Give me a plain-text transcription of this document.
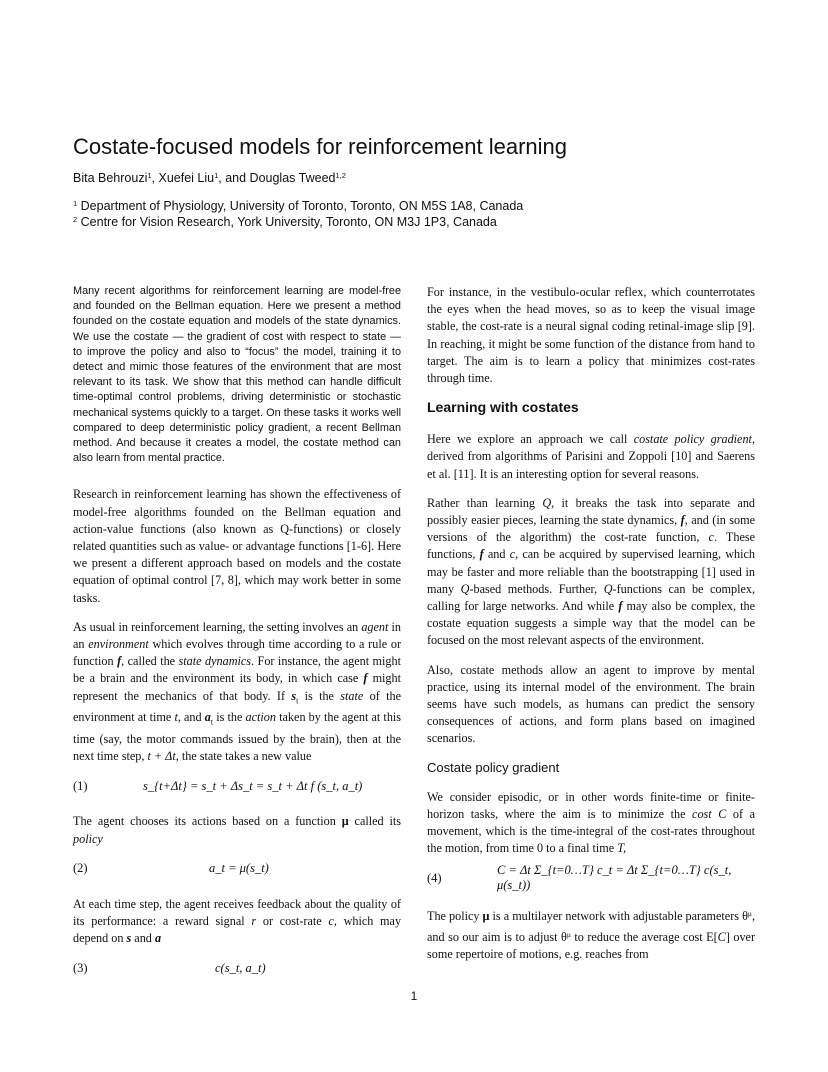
Costate-focused models for reinforcement learning
Bita Behrouzi$^1$, Xuefei Liu$^1$, and Douglas Tweed$^{1,2}$
$^1$ Department of Physiology, University of Toronto, Toronto, ON M5S 1A8, Canada
$^2$ Centre for Vision Research, York University, Toronto, ON M3J 1P3, Canada

Many recent algorithms for reinforcement learning are model-free and founded on the Bellman equation. Here we present a method founded on the costate equation and models of the state dynamics. We use the costate — the gradient of cost with respect to state — to improve the policy and also to “focus” the model, training it to detect and mimic those features of the environment that are most relevant to its task. We show that this method can handle difficult time-optimal control problems, driving deterministic or stochastic mechanical systems quickly to a target. On these tasks it works well compared to deep deterministic policy gradient, a recent Bellman method. And because it creates a model, the costate method can also learn from mental practice.

Research in reinforcement learning has shown the effectiveness of model-free algorithms founded on the Bellman equation and action-value functions (also known as Q-functions) or closely related quantities such as value- or advantage functions [1-6]. Here we present a different approach based on models and the costate equation of optimal control [7, 8], which may work better in some tasks.

As usual in reinforcement learning, the setting involves an agent in an environment which evolves through time according to a rule or function f, called the state dynamics. For instance, the agent might be a brain and the environment its body, in which case f might represent the mechanics of that body. If $s_t$ is the state of the environment at time t, and $a_t$ is the action taken by the agent at this time (say, the motor commands issued by the brain), then at the next time step, t + Δt, the state takes a new value

(1)	s_{t+Δt} = s_t + Δs_t = s_t + Δt f (s_t, a_t)

The agent chooses its actions based on a function μ called its policy

(2)	a_t = μ(s_t)

At each time step, the agent receives feedback about the quality of its performance: a reward signal r or cost-rate c, which may depend on s and a

(3)	c(s_t, a_t)

For instance, in the vestibulo-ocular reflex, which counterrotates the eyes when the head moves, so as to keep the visual image stable, the cost-rate is a neural signal coding retinal-image slip [9]. In reaching, it might be some function of the distance from hand to target. The aim is to learn a policy that minimizes cost-rates through time.

Learning with costates

Here we explore an approach we call costate policy gradient, derived from algorithms of Parisini and Zoppoli [10] and Saerens et al. [11]. It is an interesting option for several reasons.

Rather than learning Q, it breaks the task into separate and possibly easier pieces, learning the state dynamics, f, and (in some versions of the algorithm) the cost-rate function, c. These functions, f and c, can be acquired by supervised learning, which may be faster and more reliable than the bootstrapping [1] used in many Q-based methods. Further, Q-functions can be complex, calling for large networks. And while f may also be complex, the costate equation suggests a simple way that the model can be focused on the most relevant aspects of the environment.

Also, costate methods allow an agent to improve by mental practice, using its internal model of the environment. The brain seems have such models, as humans can predict the sensory consequences of actions, and form plans based on imagined scenarios.

Costate policy gradient

We consider episodic, or in other words finite-time or finite-horizon tasks, where the aim is to minimize the cost C of a movement, which is the time-integral of the cost-rates throughout the motion, from time 0 to a final time T,

(4)
C = Δt Σ_{t=0…T} c_t = Δt Σ_{t=0…T} c(s_t, μ(s_t))

The policy μ is a multilayer network with adjustable parameters $\theta^\mu$, and so our aim is to adjust $\theta^\mu$ to reduce the average cost E[C] over some repertoire of motions, e.g. reaches from

1
